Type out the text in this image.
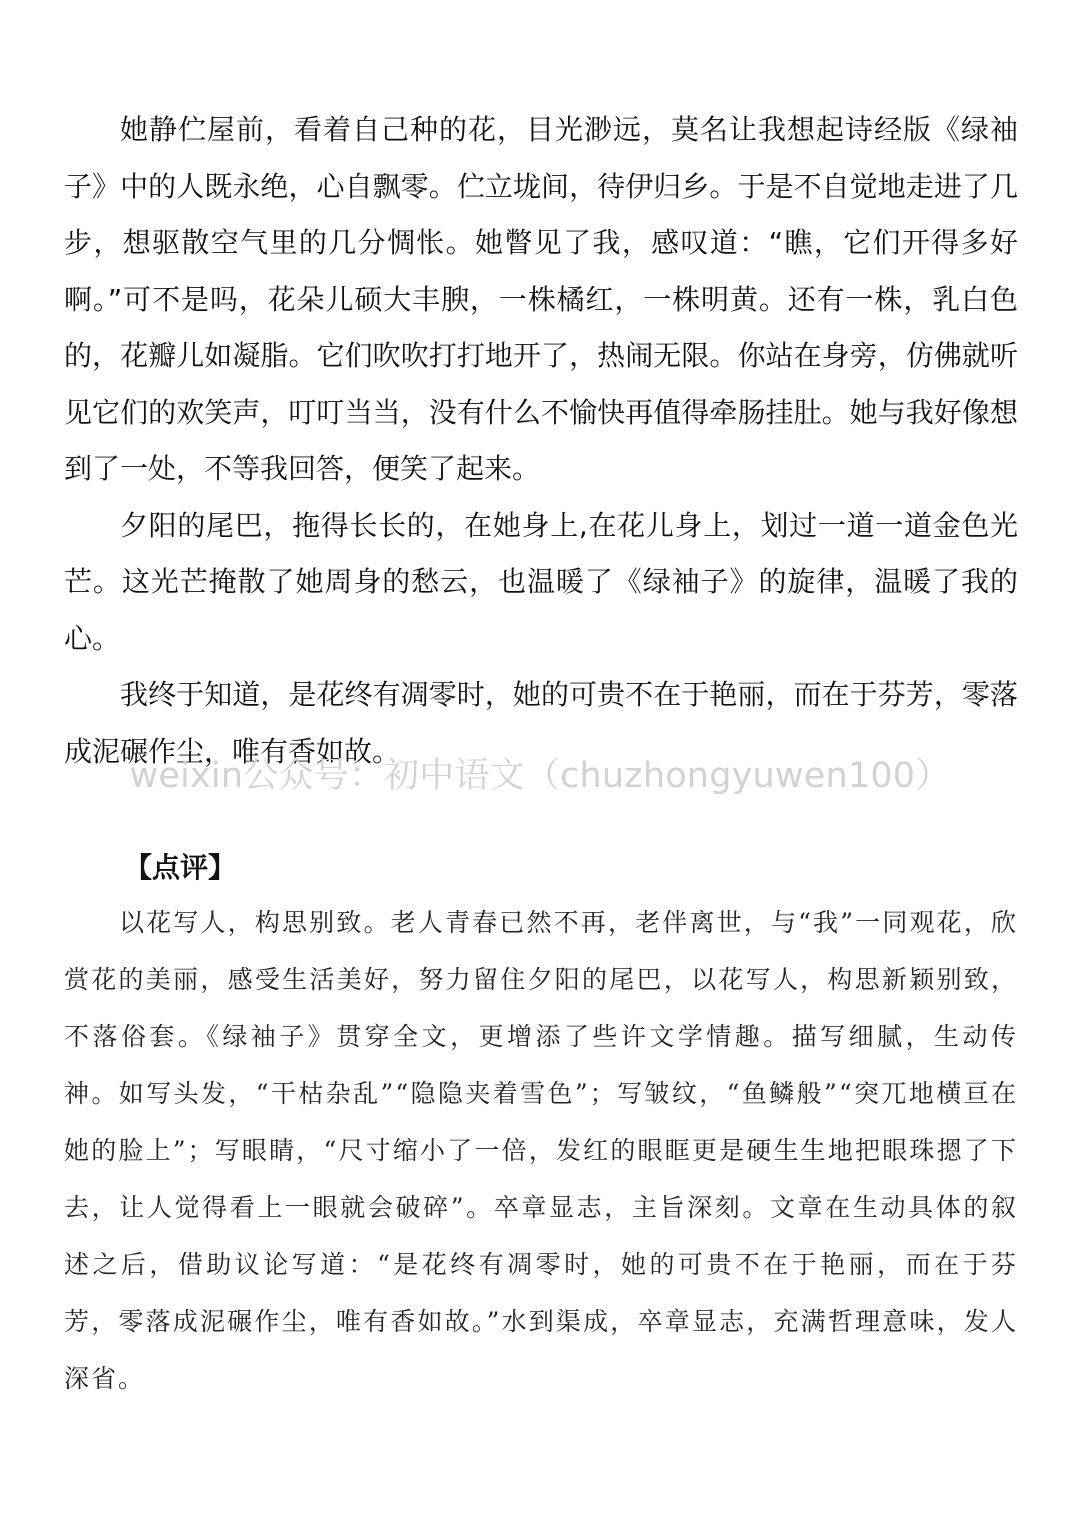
她静伫屋前，看着自己种的花，目光渺远，莫名让我想起诗经版《绿袖子》中的人既永绝，心自飘零。伫立垅间，待伊归乡。于是不自觉地走进了几步，想驱散空气里的几分惆怅。她瞥见了我，感叹道：“瞧，它们开得多好啊。”可不是吗，花朵儿硕大丰腴，一株橘红，一株明黄。还有一株，乳白色的，花瓣儿如凝脂。它们吹吹打打地开了，热闹无限。你站在身旁，仿佛就听见它们的欢笑声，叮叮当当，没有什么不愉快再值得牵肠挂肚。她与我好像想到了一处，不等我回答，便笑了起来。

夕阳的尾巴，拖得长长的，在她身上,在花儿身上，划过一道一道金色光芒。这光芒掩散了她周身的愁云，也温暖了《绿袖子》的旋律，温暖了我的心。

我终于知道，是花终有凋零时，她的可贵不在于艳丽，而在于芬芳，零落成泥碾作尘，唯有香如故。

weixin公众号：初中语文（chuzhongyuwen100）
【点评】

以花写人，构思别致。老人青春已然不再，老伴离世，与“我”一同观花，欣赏花的美丽，感受生活美好，努力留住夕阳的尾巴，以花写人，构思新颖别致，不落俗套。《绿袖子》贯穿全文，更增添了些许文学情趣。描写细腻，生动传神。如写头发，“干枯杂乱”“隐隐夹着雪色”；写皱纹，“鱼鳞般”“突兀地横亘在她的脸上”；写眼睛，“尺寸缩小了一倍，发红的眼眶更是硬生生地把眼珠摁了下去，让人觉得看上一眼就会破碎”。卒章显志，主旨深刻。文章在生动具体的叙述之后，借助议论写道：“是花终有凋零时，她的可贵不在于艳丽，而在于芬芳，零落成泥碾作尘，唯有香如故。”水到渠成，卒章显志，充满哲理意味，发人深省。
